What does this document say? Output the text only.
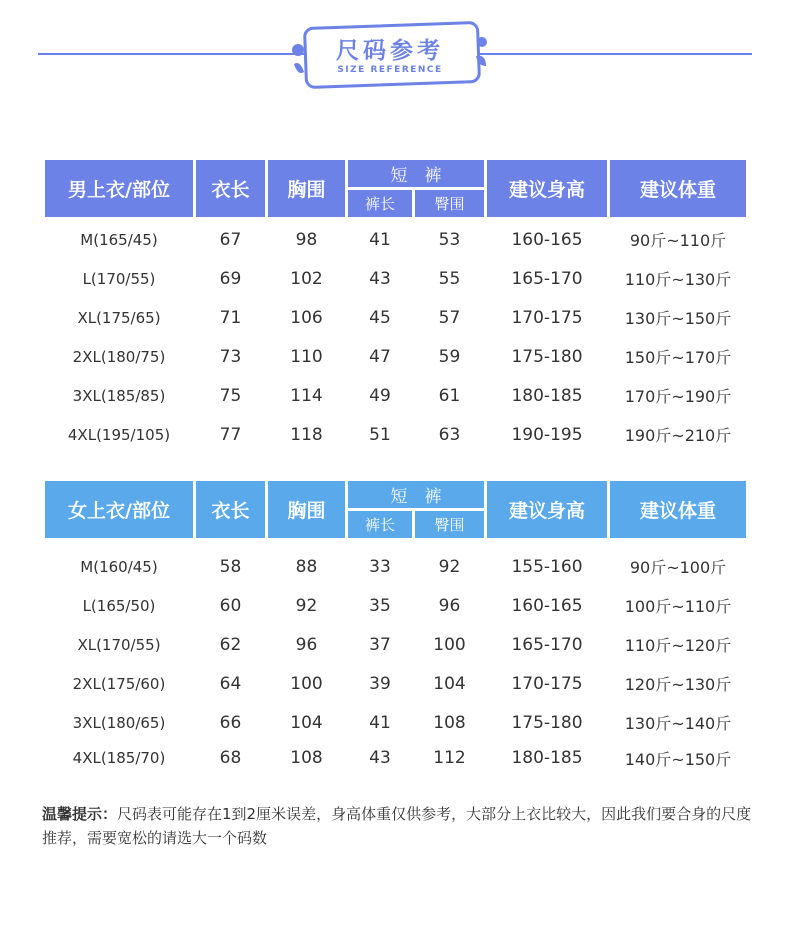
尺码参考
SIZE REFERENCE
男上衣/部位	衣长	胸围	短　裤		建议身高	建议体重
			裤长	臀围		
M(165/45)	67	98	41	53	160-165	90斤~110斤
L(170/55)	69	102	43	55	165-170	110斤~130斤
XL(175/65)	71	106	45	57	170-175	130斤~150斤
2XL(180/75)	73	110	47	59	175-180	150斤~170斤
3XL(185/85)	75	114	49	61	180-185	170斤~190斤
4XL(195/105)	77	118	51	63	190-195	190斤~210斤
女上衣/部位	衣长	胸围	短　裤		建议身高	建议体重
			裤长	臀围		

M(160/45)	58	88	33	92	155-160	90斤~100斤
L(165/50)	60	92	35	96	160-165	100斤~110斤
XL(170/55)	62	96	37	100	165-170	110斤~120斤
2XL(175/60)	64	100	39	104	170-175	120斤~130斤
3XL(180/65)	66	104	41	108	175-180	130斤~140斤
4XL(185/70)	68	108	43	112	180-185	140斤~150斤
温馨提示：尺码表可能存在1到2厘米误差，身高体重仅供参考，大部分上衣比较大，因此我们要合身的尺度推荐，需要宽松的请选大一个码数
